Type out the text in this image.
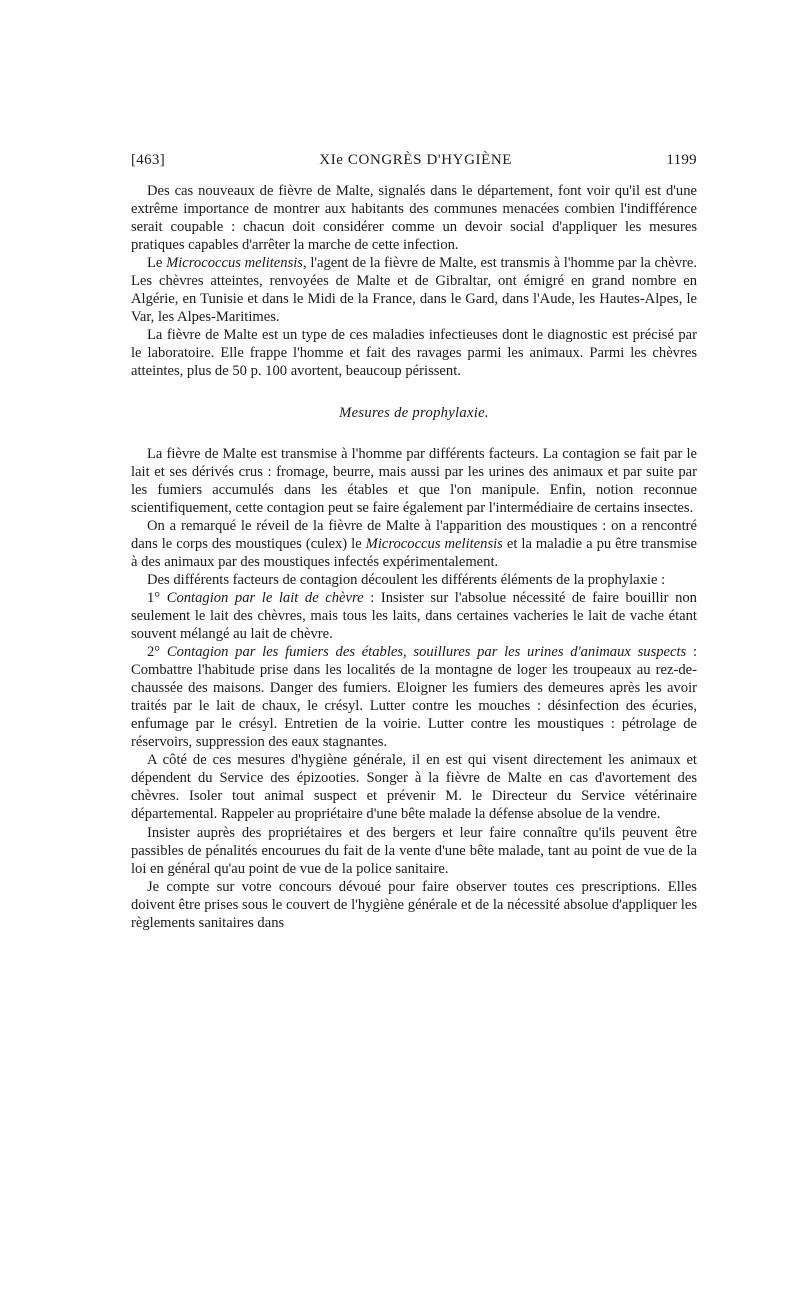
[463]	XIe CONGRÈS D'HYGIÈNE	1199

Des cas nouveaux de fièvre de Malte, signalés dans le département, font voir qu'il est d'une extrême importance de montrer aux habitants des communes menacées combien l'indifférence serait coupable : chacun doit considérer comme un devoir social d'appliquer les mesures pratiques capables d'arrêter la marche de cette infection.

Le Micrococcus melitensis, l'agent de la fièvre de Malte, est transmis à l'homme par la chèvre. Les chèvres atteintes, renvoyées de Malte et de Gibraltar, ont émigré en grand nombre en Algérie, en Tunisie et dans le Midi de la France, dans le Gard, dans l'Aude, les Hautes-Alpes, le Var, les Alpes-Maritimes.

La fièvre de Malte est un type de ces maladies infectieuses dont le diagnostic est précisé par le laboratoire. Elle frappe l'homme et fait des ravages parmi les animaux. Parmi les chèvres atteintes, plus de 50 p. 100 avortent, beaucoup périssent.

Mesures de prophylaxie.

La fièvre de Malte est transmise à l'homme par différents facteurs. La contagion se fait par le lait et ses dérivés crus : fromage, beurre, mais aussi par les urines des animaux et par suite par les fumiers accumulés dans les étables et que l'on manipule. Enfin, notion reconnue scientifiquement, cette contagion peut se faire également par l'intermédiaire de certains insectes.

On a remarqué le réveil de la fièvre de Malte à l'apparition des moustiques : on a rencontré dans le corps des moustiques (culex) le Micrococcus melitensis et la maladie a pu être transmise à des animaux par des moustiques infectés expérimentalement.

Des différents facteurs de contagion découlent les différents éléments de la prophylaxie :

1° Contagion par le lait de chèvre : Insister sur l'absolue nécessité de faire bouillir non seulement le lait des chèvres, mais tous les laits, dans certaines vacheries le lait de vache étant souvent mélangé au lait de chèvre.

2° Contagion par les fumiers des étables, souillures par les urines d'animaux suspects : Combattre l'habitude prise dans les localités de la montagne de loger les troupeaux au rez-de-chaussée des maisons. Danger des fumiers. Eloigner les fumiers des demeures après les avoir traités par le lait de chaux, le crésyl. Lutter contre les mouches : désinfection des écuries, enfumage par le crésyl. Entretien de la voirie. Lutter contre les moustiques : pétrolage de réservoirs, suppression des eaux stagnantes.

A côté de ces mesures d'hygiène générale, il en est qui visent directement les animaux et dépendent du Service des épizooties. Songer à la fièvre de Malte en cas d'avortement des chèvres. Isoler tout animal suspect et prévenir M. le Directeur du Service vétérinaire départemental. Rappeler au propriétaire d'une bête malade la défense absolue de la vendre.

Insister auprès des propriétaires et des bergers et leur faire connaître qu'ils peuvent être passibles de pénalités encourues du fait de la vente d'une bête malade, tant au point de vue de la loi en général qu'au point de vue de la police sanitaire.

Je compte sur votre concours dévoué pour faire observer toutes ces prescriptions. Elles doivent être prises sous le couvert de l'hygiène générale et de la nécessité absolue d'appliquer les règlements sanitaires dans
